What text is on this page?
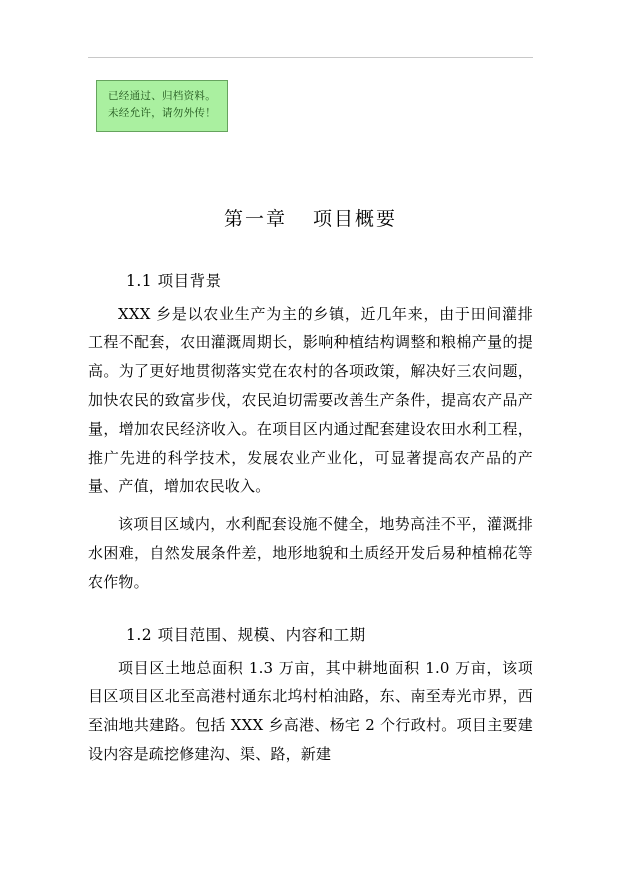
已经通过、归档资料。
未经允许，请勿外传！
第一章 项目概要
1.1 项目背景

XXX 乡是以农业生产为主的乡镇，近几年来，由于田间灌排工程不配套，农田灌溉周期长，影响种植结构调整和粮棉产量的提高。为了更好地贯彻落实党在农村的各项政策，解决好三农问题，加快农民的致富步伐，农民迫切需要改善生产条件，提高农产品产量，增加农民经济收入。在项目区内通过配套建设农田水利工程，推广先进的科学技术，发展农业产业化，可显著提高农产品的产量、产值，增加农民收入。

该项目区域内，水利配套设施不健全，地势高洼不平，灌溉排水困难，自然发展条件差，地形地貌和土质经开发后易种植棉花等农作物。

1.2 项目范围、规模、内容和工期

项目区土地总面积 1.3 万亩，其中耕地面积 1.0 万亩，该项目区项目区北至高港村通东北坞村柏油路，东、南至寿光市界，西至油地共建路。包括 XXX 乡高港、杨宅 2 个行政村。项目主要建设内容是疏挖修建沟、渠、路，新建
